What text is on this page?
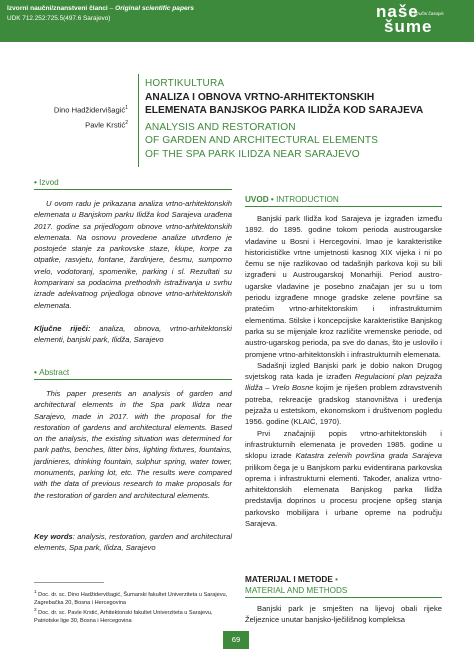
Izvorni naučni/znanstveni članci – Original scientific papers
UDK 712.252:725.5(497.6 Sarajevo)	naše
stručni časopis
šume
Dino Hadžidervišagić$^1$
Pavle Krstić$^2$
HORTIKULTURA
ANALIZA I OBNOVA VRTNO-ARHITEKTONSKIH
ELEMENATA BANJSKOG PARKA ILIDŽA KOD SARAJEVA
ANALYSIS AND RESTORATION
OF GARDEN AND ARCHITECTURAL ELEMENTS
OF THE SPA PARK ILIDZA NEAR SARAJEVO
• Izvod

U ovom radu je prikazana analiza vrtno-arhitektonskih elemenata u Banjskom parku Ilidža kod Sarajeva urađena 2017. godine sa prijedlogom obnove vrtno-arhitektonskih elemenata. Na osnovu provedene analize utvrđeno je postojeće stanje za parkovske staze, klupe, korpe za otpatke, rasvjetu, fontane, žardinjere, česmu, sumporno vrelo, vodotoranj, spomenike, parking i sl. Rezultati su komparirani sa podacima prethodnih istraživanja u svrhu izrade adekvatnog prijedloga obnove vrtno-arhitektonskih elemenata.

Ključne riječi: analiza, obnova, vrtno-arhitektonski elementi, banjski park, Ilidža, Sarajevo
• Abstract

This paper presents an analysis of garden and architectural elements in the Spa park Ilidza near Sarajevo, made in 2017. with the proposal for the restoration of gardens and architectural elements. Based on the analysis, the existing situation was determined for park paths, benches, litter bins, lighting fixtures, fountains, jardinieres, drinking fountain, sulphur spring, water tower, monuments, parking lot, etc. The results were compared with the data of previous research to make proposals for the restoration of garden and architectural elements.

Key words: analysis, restoration, garden and architectural elements, Spa park, Ilidza, Sarajevo
$^1$ Doc. dr. sc. Dino Hadžidervišagić, Šumarski fakultet Univerziteta u Sarajevu, Zagrebačka 20, Bosna i Hercegovina
$^2$ Doc. dr. sc. Pavle Krstić, Arhitektonski fakultet Univerziteta u Sarajevu, Patriotske lige 30, Bosna i Hercegovina
UVOD • INTRODUCTION

Banjski park Ilidža kod Sarajeva je izgrađen između 1892. do 1895. godine tokom perioda austrougarske vladavine u Bosni i Hercegovini. Imao je karakteristike historicističke vrtne umjetnosti kasnog XIX vijeka i ni po čemu se nije razlikovao od tadašnjih parkova koji su bili izgrađeni u Austrougarskoj Monarhiji. Period austro-ugarske vladavine je posebno značajan jer su u tom periodu izgrađene mnoge gradske zelene površine sa pratećim vrtno-arhitektonskim i infrastrukturnim elementima. Stilske i koncepcijske karakteristike Banjskog parka su se mijenjale kroz različite vremenske periode, od austro-ugarskog perioda, pa sve do danas, što je uslovilo i promjene vrtno-arhitektonskih i infrastrukturnih elemenata.

Sadašnji izgled Banjski park je dobio nakon Drugog svjetskog rata kada je izrađen Regulacioni plan pejzaža Ilidža – Vrelo Bosne kojim je riješen problem zdravstvenih potreba, rekreacije gradskog stanovništva i uređenja pejzaža u estetskom, ekonomskom i društvenom pogledu 1956. godine (KLAIĆ, 1970).

Prvi značajniji popis vrtno-arhitektonskih i infrastrukturnih elemenata je proveden 1985. godine u sklopu izrade Katastra zelenih površina grada Sarajeva prilikom čega je u Banjskom parku evidentirana parkovska oprema i infrastrukturni elementi. Također, analiza vrtno-arhitektonskih elemenata Banjskog parka Ilidža predstavlja doprinos u procesu procjene opšeg stanja parkovsko mobilijara i urbane opreme na području Sarajeva.

MATERIJAL I METODE •
MATERIAL AND METHODS

Banjski park je smješten na lijevoj obali rijeke Željeznice unutar banjsko-lječilišnog kompleksa

69
